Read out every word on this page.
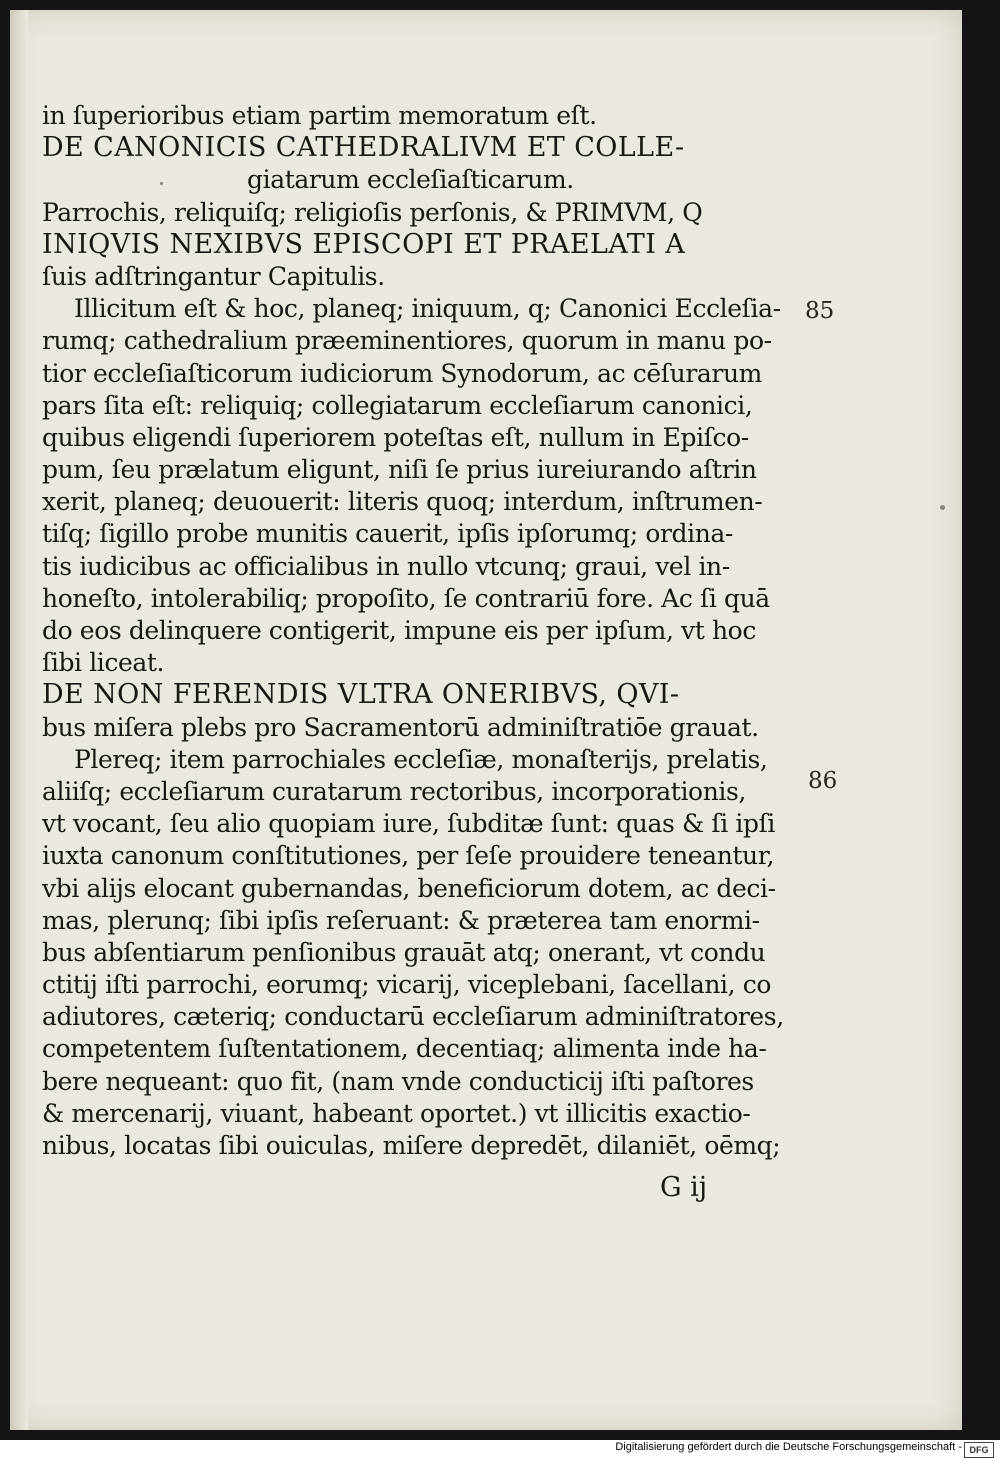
in ſuperioribus etiam partim memoratum eſt.
DE CANONICIS CATHEDRALIVM ET COLLE-
giatarum eccleſiaſticarum.
Parrochis, reliquiſq; religioſis perſonis, & PRIMVM, Q
INIQVIS NEXIBVS EPISCOPI ET PRAELATI A
ſuis adſtringantur Capitulis.
Illicitum eſt & hoc, planeq; iniquum, q; Canonici Eccleſia-
rumq; cathedralium præeminentiores, quorum in manu po-
tior eccleſiaſticorum iudiciorum Synodorum, ac cēſurarum
pars ſita eſt: reliquiq; collegiatarum eccleſiarum canonici,
quibus eligendi ſuperiorem poteſtas eſt, nullum in Epiſco-
pum, ſeu prælatum eligunt, niſi ſe prius iureiurando aſtrin
xerit, planeq; deuouerit: literis quoq; interdum, inſtrumen-
tiſq; ſigillo probe munitis cauerit, ipſis ipſorumq; ordina-
tis iudicibus ac officialibus in nullo vtcunq; graui, vel in-
honeſto, intolerabiliq; propoſito, ſe contrariū fore. Ac ſi quā
do eos delinquere contigerit, impune eis per ipſum, vt hoc
ſibi liceat.
DE NON FERENDIS VLTRA ONERIBVS, QVI-
bus miſera plebs pro Sacramentorū adminiſtratiōe grauat.
Plereq; item parrochiales eccleſiæ, monaſterijs, prelatis,
aliiſq; eccleſiarum curatarum rectoribus, incorporationis,
vt vocant, ſeu alio quopiam iure, ſubditæ ſunt: quas & ſi ipſi
iuxta canonum conſtitutiones, per ſeſe prouidere teneantur,
vbi alijs elocant gubernandas, beneficiorum dotem, ac deci-
mas, plerunq; ſibi ipſis reſeruant: & præterea tam enormi-
bus abſentiarum penſionibus grauāt atq; onerant, vt condu
ctitij iſti parrochi, eorumq; vicarij, viceplebani, ſacellani, co
adiutores, cæteriq; conductarū eccleſiarum adminiſtratores,
competentem ſuſtentationem, decentiaq; alimenta inde ha-
bere nequeant: quo fit, (nam vnde conducticij iſti paſtores
& mercenarij, viuant, habeant oportet.) vt illicitis exactio-
nibus, locatas ſibi ouiculas, miſere depredēt, dilaniēt, oēmq;
85
86
G ij
Digitalisierung gefördert durch die Deutsche Forschungsgemeinschaft - DFG
